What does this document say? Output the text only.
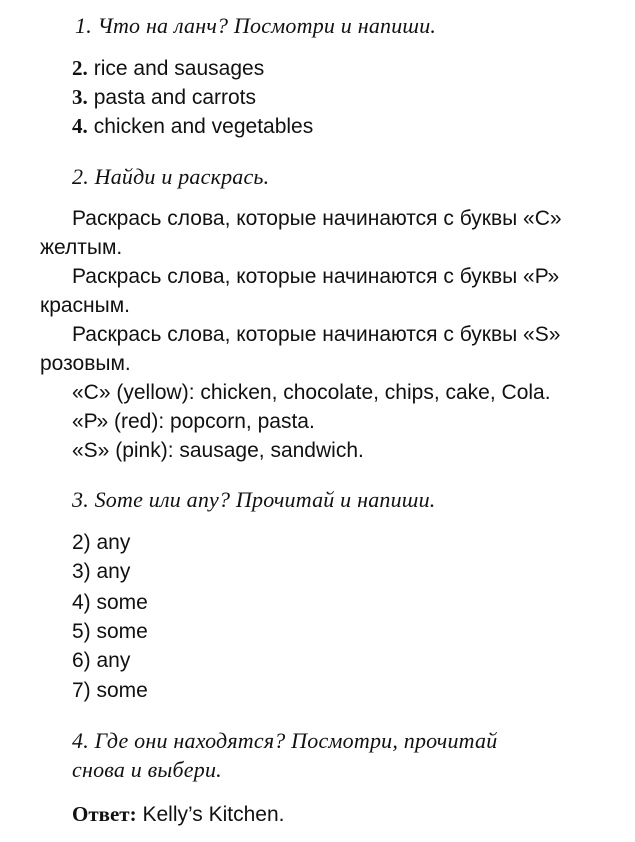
1. Что на ланч? Посмотри и напиши.
2. rice and sausages
3. pasta and carrots
4. chicken and vegetables
2. Найди и раскрась.
Раскрась слова, которые начинаются с буквы «С»
желтым.
Раскрась слова, которые начинаются с буквы «Р»
красным.
Раскрась слова, которые начинаются с буквы «S»
розовым.
«С» (yellow): chicken, chocolate, chips, cake, Cola.
«Р» (red): popcorn, pasta.
«S» (pink): sausage, sandwich.
3. Some или any? Прочитай и напиши.
2) any
3) any
4) some
5) some
6) any
7) some
4. Где они находятся? Посмотри, прочитай
снова и выбери.
Ответ: Kelly’s Kitchen.
